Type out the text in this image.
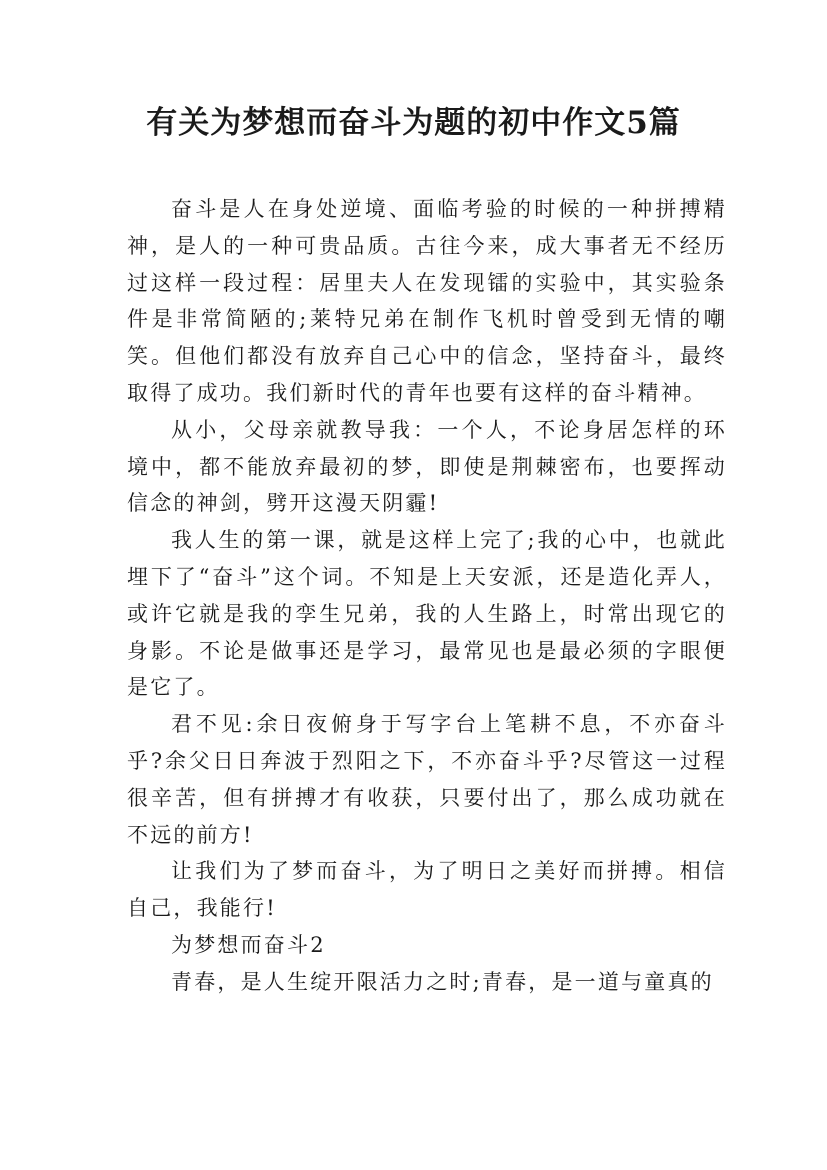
有关为梦想而奋斗为题的初中作文5篇

奋斗是人在身处逆境、面临考验的时候的一种拼搏精神，是人的一种可贵品质。古往今来，成大事者无不经历过这样一段过程：居里夫人在发现镭的实验中，其实验条件是非常简陋的;莱特兄弟在制作飞机时曾受到无情的嘲笑。但他们都没有放弃自己心中的信念，坚持奋斗，最终取得了成功。我们新时代的青年也要有这样的奋斗精神。

从小，父母亲就教导我：一个人，不论身居怎样的环境中，都不能放弃最初的梦，即使是荆棘密布，也要挥动信念的神剑，劈开这漫天阴霾!

我人生的第一课，就是这样上完了;我的心中，也就此埋下了“奋斗”这个词。不知是上天安派，还是造化弄人，或许它就是我的孪生兄弟，我的人生路上，时常出现它的身影。不论是做事还是学习，最常见也是最必须的字眼便是它了。

君不见:余日夜俯身于写字台上笔耕不息，不亦奋斗乎?余父日日奔波于烈阳之下，不亦奋斗乎?尽管这一过程很辛苦，但有拼搏才有收获，只要付出了，那么成功就在不远的前方!

让我们为了梦而奋斗，为了明日之美好而拼搏。相信自己，我能行!

为梦想而奋斗2

青春，是人生绽开限活力之时;青春，是一道与童真的
